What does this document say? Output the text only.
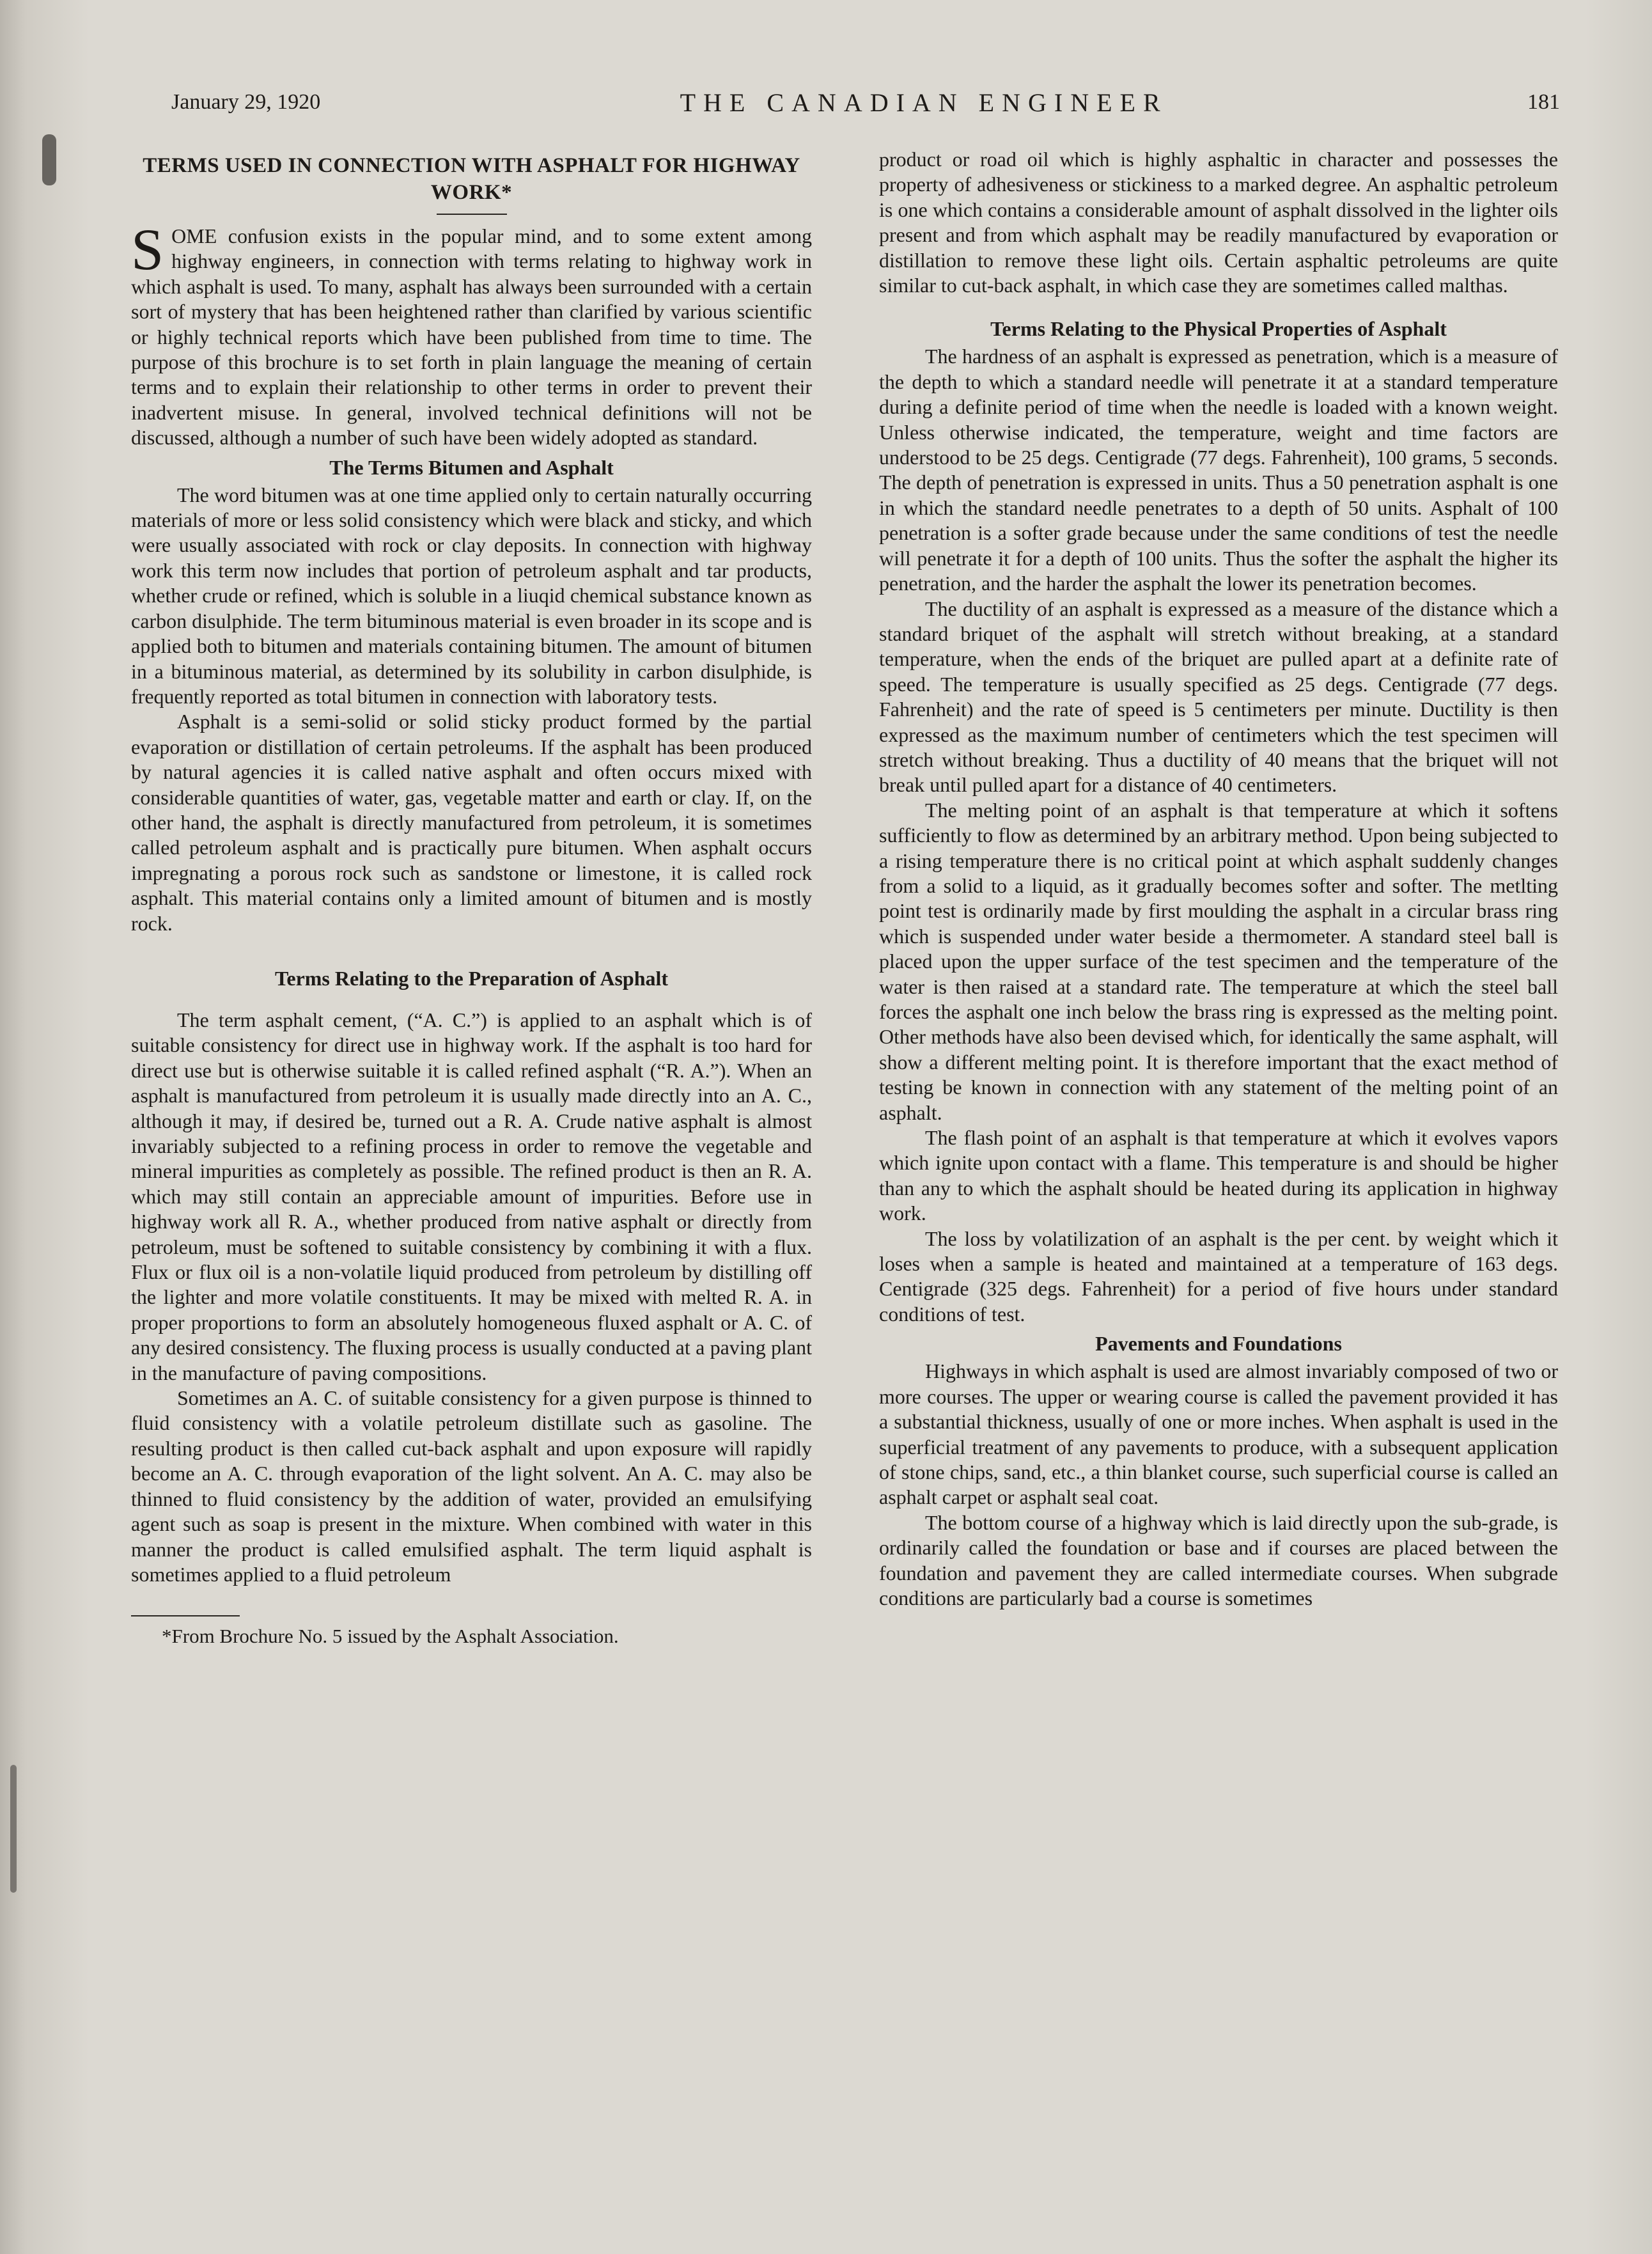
January 29, 1920	THE CANADIAN ENGINEER	181
TERMS USED IN CONNECTION WITH ASPHALT FOR HIGHWAY WORK*

SOME confusion exists in the popular mind, and to some extent among highway engineers, in connection with terms relating to highway work in which asphalt is used. To many, asphalt has always been surrounded with a certain sort of mystery that has been heightened rather than clarified by various scientific or highly technical reports which have been published from time to time. The purpose of this brochure is to set forth in plain language the meaning of certain terms and to explain their relationship to other terms in order to prevent their inadvertent misuse. In general, involved technical definitions will not be discussed, although a number of such have been widely adopted as standard.

The Terms Bitumen and Asphalt

The word bitumen was at one time applied only to certain naturally occurring materials of more or less solid consistency which were black and sticky, and which were usually associated with rock or clay deposits. In connection with highway work this term now includes that portion of petroleum asphalt and tar products, whether crude or refined, which is soluble in a liuqid chemical substance known as carbon disulphide. The term bituminous material is even broader in its scope and is applied both to bitumen and materials containing bitumen. The amount of bitumen in a bituminous material, as determined by its solubility in carbon disulphide, is frequently reported as total bitumen in connection with laboratory tests.

Asphalt is a semi-solid or solid sticky product formed by the partial evaporation or distillation of certain petroleums. If the asphalt has been produced by natural agencies it is called native asphalt and often occurs mixed with considerable quantities of water, gas, vegetable matter and earth or clay. If, on the other hand, the asphalt is directly manufactured from petroleum, it is sometimes called petroleum asphalt and is practically pure bitumen. When asphalt occurs impregnating a porous rock such as sandstone or limestone, it is called rock asphalt. This material contains only a limited amount of bitumen and is mostly rock.

Terms Relating to the Preparation of Asphalt

The term asphalt cement, (“A. C.”) is applied to an asphalt which is of suitable consistency for direct use in highway work. If the asphalt is too hard for direct use but is otherwise suitable it is called refined asphalt (“R. A.”). When an asphalt is manufactured from petroleum it is usually made directly into an A. C., although it may, if desired be, turned out a R. A. Crude native asphalt is almost invariably subjected to a refining process in order to remove the vegetable and mineral impurities as completely as possible. The refined product is then an R. A. which may still contain an appreciable amount of impurities. Before use in highway work all R. A., whether produced from native asphalt or directly from petroleum, must be softened to suitable consistency by combining it with a flux. Flux or flux oil is a non-volatile liquid produced from petroleum by distilling off the lighter and more volatile constituents. It may be mixed with melted R. A. in proper proportions to form an absolutely homogeneous fluxed asphalt or A. C. of any desired consistency. The fluxing process is usually conducted at a paving plant in the manufacture of paving compositions.

Sometimes an A. C. of suitable consistency for a given purpose is thinned to fluid consistency with a volatile petroleum distillate such as gasoline. The resulting product is then called cut-back asphalt and upon exposure will rapidly become an A. C. through evaporation of the light solvent. An A. C. may also be thinned to fluid consistency by the addition of water, provided an emulsifying agent such as soap is present in the mixture. When combined with water in this manner the product is called emulsified asphalt. The term liquid asphalt is sometimes applied to a fluid petroleum

*From Brochure No. 5 issued by the Asphalt Association.

product or road oil which is highly asphaltic in character and possesses the property of adhesiveness or stickiness to a marked degree. An asphaltic petroleum is one which contains a considerable amount of asphalt dissolved in the lighter oils present and from which asphalt may be readily manufactured by evaporation or distillation to remove these light oils. Certain asphaltic petroleums are quite similar to cut-back asphalt, in which case they are sometimes called malthas.

Terms Relating to the Physical Properties of Asphalt

The hardness of an asphalt is expressed as penetration, which is a measure of the depth to which a standard needle will penetrate it at a standard temperature during a definite period of time when the needle is loaded with a known weight. Unless otherwise indicated, the temperature, weight and time factors are understood to be 25 degs. Centigrade (77 degs. Fahrenheit), 100 grams, 5 seconds. The depth of penetration is expressed in units. Thus a 50 penetration asphalt is one in which the standard needle penetrates to a depth of 50 units. Asphalt of 100 penetration is a softer grade because under the same conditions of test the needle will penetrate it for a depth of 100 units. Thus the softer the asphalt the higher its penetration, and the harder the asphalt the lower its penetration becomes.

The ductility of an asphalt is expressed as a measure of the distance which a standard briquet of the asphalt will stretch without breaking, at a standard temperature, when the ends of the briquet are pulled apart at a definite rate of speed. The temperature is usually specified as 25 degs. Centigrade (77 degs. Fahrenheit) and the rate of speed is 5 centimeters per minute. Ductility is then expressed as the maximum number of centimeters which the test specimen will stretch without breaking. Thus a ductility of 40 means that the briquet will not break until pulled apart for a distance of 40 centimeters.

The melting point of an asphalt is that temperature at which it softens sufficiently to flow as determined by an arbitrary method. Upon being subjected to a rising temperature there is no critical point at which asphalt suddenly changes from a solid to a liquid, as it gradually becomes softer and softer. The metlting point test is ordinarily made by first moulding the asphalt in a circular brass ring which is suspended under water beside a thermometer. A standard steel ball is placed upon the upper surface of the test specimen and the temperature of the water is then raised at a standard rate. The temperature at which the steel ball forces the asphalt one inch below the brass ring is expressed as the melting point. Other methods have also been devised which, for identically the same asphalt, will show a different melting point. It is therefore important that the exact method of testing be known in connection with any statement of the melting point of an asphalt.

The flash point of an asphalt is that temperature at which it evolves vapors which ignite upon contact with a flame. This temperature is and should be higher than any to which the asphalt should be heated during its application in highway work.

The loss by volatilization of an asphalt is the per cent. by weight which it loses when a sample is heated and maintained at a temperature of 163 degs. Centigrade (325 degs. Fahrenheit) for a period of five hours under standard conditions of test.

Pavements and Foundations

Highways in which asphalt is used are almost invariably composed of two or more courses. The upper or wearing course is called the pavement provided it has a substantial thickness, usually of one or more inches. When asphalt is used in the superficial treatment of any pavements to produce, with a subsequent application of stone chips, sand, etc., a thin blanket course, such superficial course is called an asphalt carpet or asphalt seal coat.

The bottom course of a highway which is laid directly upon the sub-grade, is ordinarily called the foundation or base and if courses are placed between the foundation and pavement they are called intermediate courses. When subgrade conditions are particularly bad a course is sometimes
